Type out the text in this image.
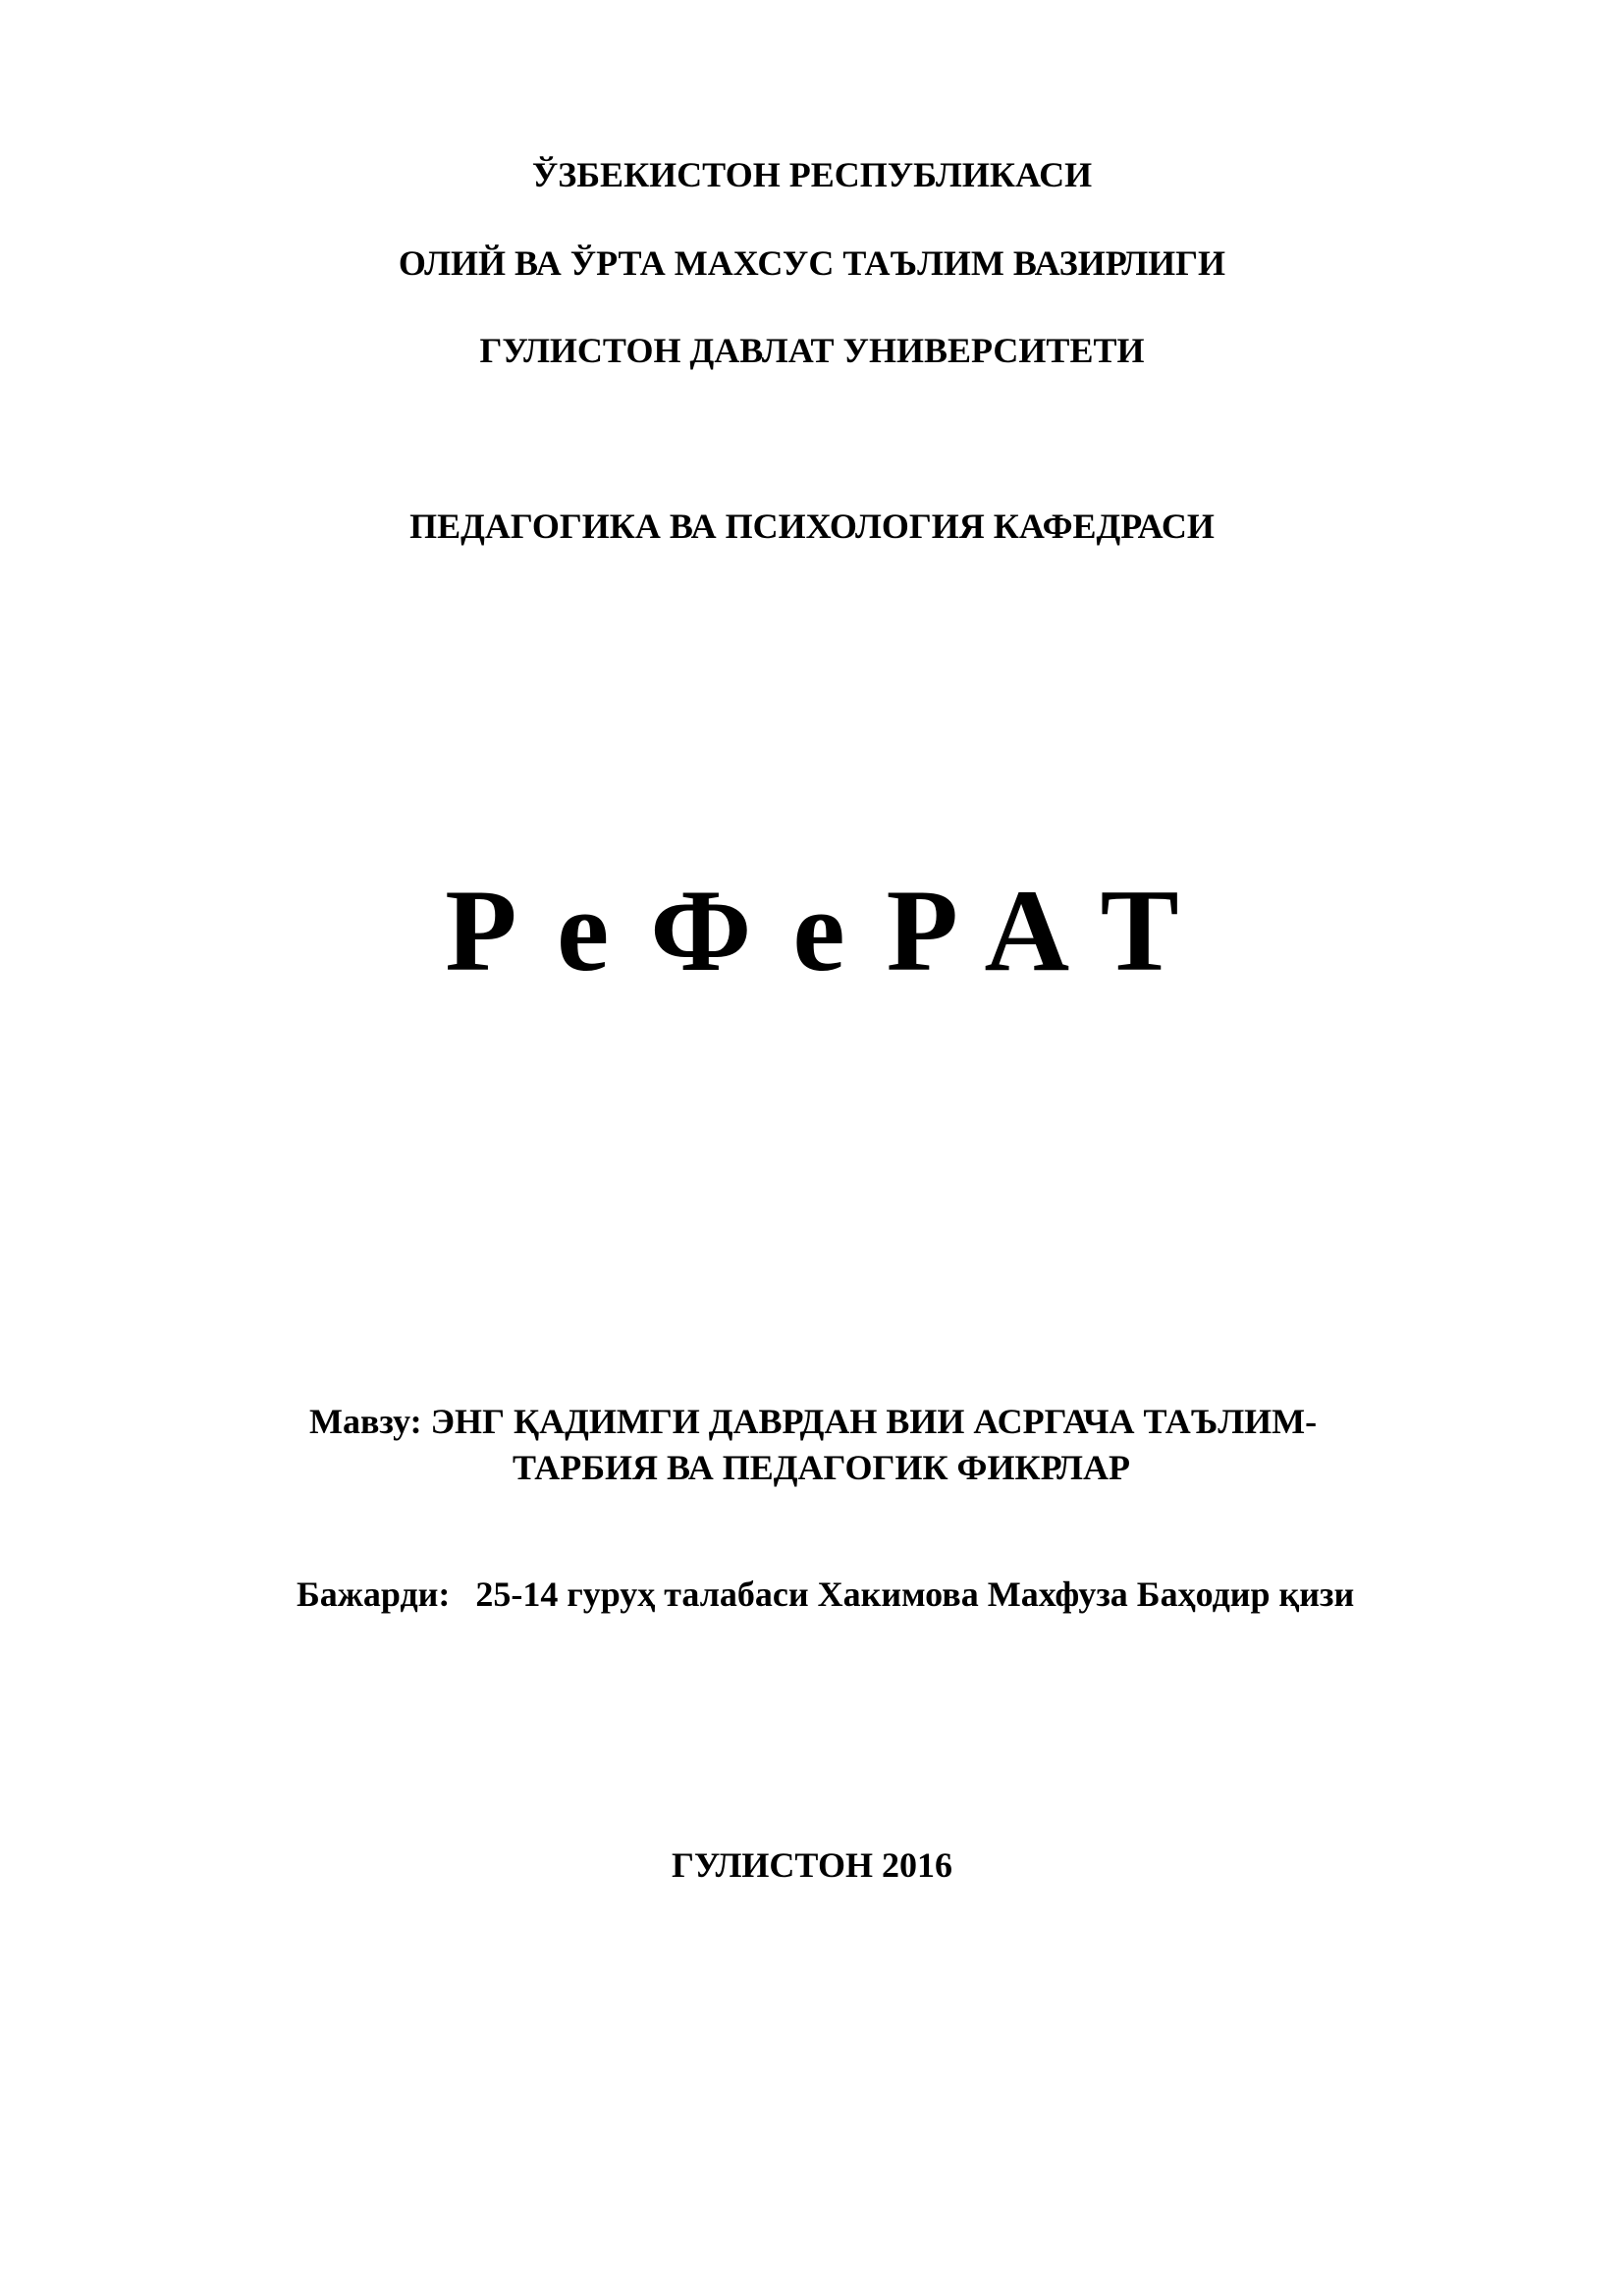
ЎЗБЕКИСТОН РЕСПУБЛИКАСИ
ОЛИЙ ВА ЎРТА МАХСУС ТАЪЛИМ ВАЗИРЛИГИ
ГУЛИСТОН ДАВЛАТ УНИВЕРСИТЕТИ
ПЕДАГОГИКА ВА ПСИХОЛОГИЯ КАФЕДРАСИ
РеФеРАТ
Мавзу: ЭНГ ҚАДИМГИ ДАВРДАН ВИИ АСРГАЧА ТАЪЛИМ-
ТАРБИЯ ВА ПЕДАГОГИК ФИКРЛАР
Бажарди: 25-14 гуруҳ талабаси Хакимова Махфуза Баҳодир қизи
ГУЛИСТОН 2016
